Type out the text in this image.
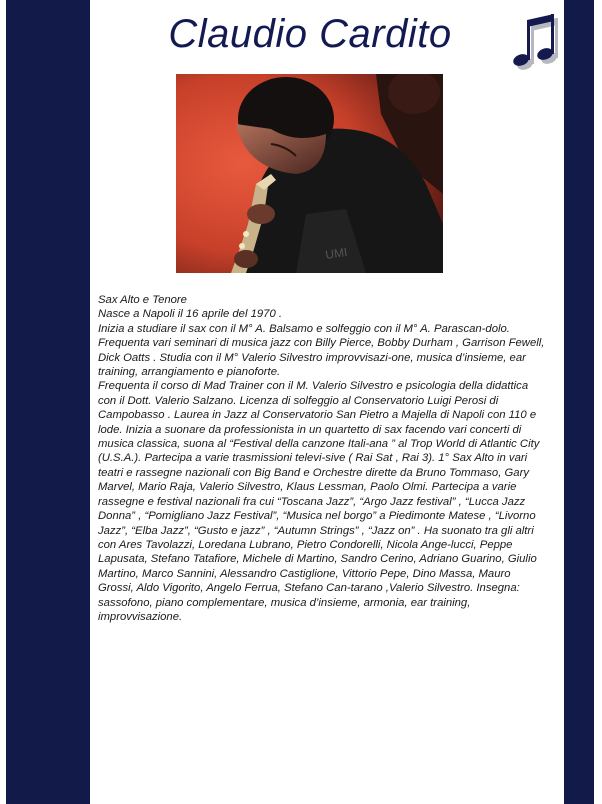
Claudio Cardito
UMI

Sax Alto e Tenore

Nasce a Napoli il 16 aprile del 1970 .

Inizia a studiare il sax con il M° A. Balsamo e solfeggio con il M° A. Parascan-dolo. Frequenta vari seminari di musica jazz con Billy Pierce, Bobby Durham , Garrison Fewell, Dick Oatts . Studia con il M° Valerio Silvestro improvvisazi-one, musica d’insieme, ear training, arrangiamento e pianoforte.

Frequenta il corso di Mad Trainer con il M. Valerio Silvestro e psicologia della didattica con il Dott. Valerio Salzano. Licenza di solfeggio al Conservatorio Luigi Perosi di Campobasso . Laurea in Jazz al Conservatorio San Pietro a Majella di Napoli con 110 e lode. Inizia a suonare da professionista in un quartetto di sax facendo vari concerti di musica classica, suona al “Festival della canzone Itali-ana ” al Trop World di Atlantic City (U.S.A.). Partecipa a varie trasmissioni televi-sive ( Rai Sat , Rai 3). 1° Sax Alto in vari teatri e rassegne nazionali con Big Band e Orchestre dirette da Bruno Tommaso, Gary Marvel, Mario Raja, Valerio Silvestro, Klaus Lessman, Paolo Olmi. Partecipa a varie rassegne e festival nazionali fra cui “Toscana Jazz”, “Argo Jazz festival” , “Lucca Jazz Donna” , “Pomigliano Jazz Festival”, “Musica nel borgo” a Piedimonte Matese , “Livorno Jazz”, “Elba Jazz”, “Gusto e jazz” , “Autumn Strings” , “Jazz on” . Ha suonato tra gli altri con Ares Tavolazzi, Loredana Lubrano, Pietro Condorelli, Nicola Ange-lucci, Peppe Lapusata, Stefano Tatafiore, Michele di Martino, Sandro Cerino, Adriano Guarino, Giulio Martino, Marco Sannini, Alessandro Castiglione, Vittorio Pepe, Dino Massa, Mauro Grossi, Aldo Vigorito, Angelo Ferrua, Stefano Can-tarano ,Valerio Silvestro. Insegna: sassofono, piano complementare, musica d’insieme, armonia, ear training, improvvisazione.
